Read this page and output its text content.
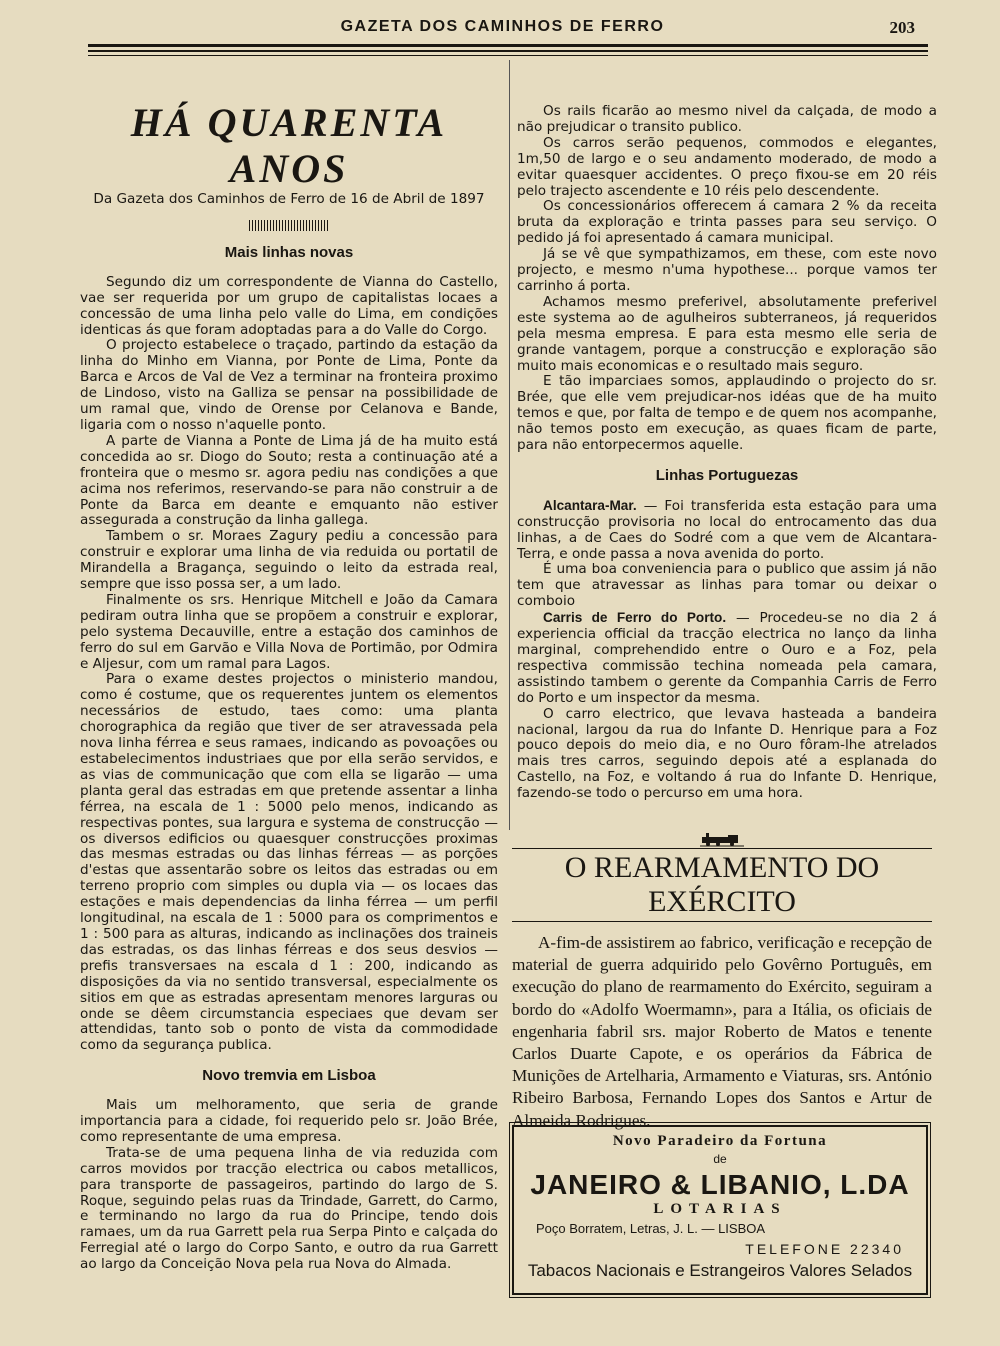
GAZETA DOS CAMINHOS DE FERRO	203
HÁ QUARENTA ANOS
Da Gazeta dos Caminhos de Ferro de 16 de Abril de 1897
Mais linhas novas

Segundo diz um correspondente de Vianna do Castello, vae ser requerida por um grupo de capitalistas locaes a concessão de uma linha pelo valle do Lima, em condições identicas ás que foram adoptadas para a do Valle do Corgo.

O projecto estabelece o traçado, partindo da estação da linha do Minho em Vianna, por Ponte de Lima, Ponte da Barca e Arcos de Val de Vez a terminar na fronteira proximo de Lindoso, visto na Galliza se pensar na possibilidade de um ramal que, vindo de Orense por Celanova e Bande, ligaria com o nosso n'aquelle ponto.

A parte de Vianna a Ponte de Lima já de ha muito está concedida ao sr. Diogo do Souto; resta a continuação até a fronteira que o mesmo sr. agora pediu nas condições a que acima nos referimos, reservando-se para não construir a de Ponte da Barca em deante e emquanto não estiver assegurada a construção da linha gallega.

Tambem o sr. Moraes Zagury pediu a concessão para construir e explorar uma linha de via reduida ou portatil de Mirandella a Bragança, seguindo o leito da estrada real, sempre que isso possa ser, a um lado.

Finalmente os srs. Henrique Mitchell e João da Camara pediram outra linha que se propõem a construir e explorar, pelo systema Decauville, entre a estação dos caminhos de ferro do sul em Garvão e Villa Nova de Portimão, por Odmira e Aljesur, com um ramal para Lagos.

Para o exame destes projectos o ministerio mandou, como é costume, que os requerentes juntem os elementos necessários de estudo, taes como: uma planta chorographica da região que tiver de ser atravessada pela nova linha férrea e seus ramaes, indicando as povoações ou estabelecimentos industriaes que por ella serão servidos, e as vias de communicação que com ella se ligarão — uma planta geral das estradas em que pretende assentar a linha férrea, na escala de 1 : 5000 pelo menos, indicando as respectivas pontes, sua largura e systema de construcção — os diversos edificios ou quaesquer construcções proximas das mesmas estradas ou das linhas férreas — as porções d'estas que assentarão sobre os leitos das estradas ou em terreno proprio com simples ou dupla via — os locaes das estações e mais dependencias da linha férrea — um perfil longitudinal, na escala de 1 : 5000 para os comprimentos e 1 : 500 para as alturas, indicando as inclinações dos traineis das estradas, os das linhas férreas e dos seus desvios — prefis transversaes na escala d 1 : 200, indicando as disposições da via no sentido transversal, especialmente os sitios em que as estradas apresentam menores larguras ou onde se dêem circumstancia especiaes que devam ser attendidas, tanto sob o ponto de vista da commodidade como da segurança publica.

Novo tremvia em Lisboa

Mais um melhoramento, que seria de grande importancia para a cidade, foi requerido pelo sr. João Brée, como representante de uma empresa.

Trata-se de uma pequena linha de via reduzida com carros movidos por tracção electrica ou cabos metallicos, para transporte de passageiros, partindo do largo de S. Roque, seguindo pelas ruas da Trindade, Garrett, do Carmo, e terminando no largo da rua do Principe, tendo dois ramaes, um da rua Garrett pela rua Serpa Pinto e calçada do Ferregial até o largo do Corpo Santo, e outro da rua Garrett ao largo da Conceição Nova pela rua Nova do Almada.

Os rails ficarão ao mesmo nivel da calçada, de modo a não prejudicar o transito publico.

Os carros serão pequenos, commodos e elegantes, 1m,50 de largo e o seu andamento moderado, de modo a evitar quaesquer accidentes. O preço fixou-se em 20 réis pelo trajecto ascendente e 10 réis pelo descendente.

Os concessionários offerecem á camara 2 % da receita bruta da exploração e trinta passes para seu serviço. O pedido já foi apresentado á camara municipal.

Já se vê que sympathizamos, em these, com este novo projecto, e mesmo n'uma hypothese... porque vamos ter carrinho á porta.

Achamos mesmo preferivel, absolutamente preferivel este systema ao de agulheiros subterraneos, já requeridos pela mesma empresa. E para esta mesmo elle seria de grande vantagem, porque a construcção e exploração são muito mais economicas e o resultado mais seguro.

E tão imparciaes somos, applaudindo o projecto do sr. Brée, que elle vem prejudicar-nos idéas que de ha muito temos e que, por falta de tempo e de quem nos acompanhe, não temos posto em execução, as quaes ficam de parte, para não entorpecermos aquelle.

Linhas Portuguezas

Alcantara-Mar. — Foi transferida esta estação para uma construcção provisoria no local do entrocamento das dua linhas, a de Caes do Sodré com a que vem de Alcantara-Terra, e onde passa a nova avenida do porto.

É uma boa conveniencia para o publico que assim já não tem que atravessar as linhas para tomar ou deixar o comboio

Carris de Ferro do Porto. — Procedeu-se no dia 2 á experiencia official da tracção electrica no lanço da linha marginal, comprehendido entre o Ouro e a Foz, pela respectiva commissão techina nomeada pela camara, assistindo tambem o gerente da Companhia Carris de Ferro do Porto e um inspector da mesma.

O carro electrico, que levava hasteada a bandeira nacional, largou da rua do Infante D. Henrique para a Foz pouco depois do meio dia, e no Ouro fôram-lhe atrelados mais tres carros, seguindo depois até a esplanada do Castello, na Foz, e voltando á rua do Infante D. Henrique, fazendo-se todo o percurso em uma hora.

O REARMAMENTO DO EXÉRCITO

A-fim-de assistirem ao fabrico, verificação e recepção de material de guerra adquirido pelo Govêrno Português, em execução do plano de rearmamento do Exército, seguiram a bordo do «Adolfo Woermamn», para a Itália, os oficiais de engenharia fabril srs. major Roberto de Matos e tenente Carlos Duarte Capote, e os operários da Fábrica de Munições de Artelharia, Armamento e Viaturas, srs. António Ribeiro Barbosa, Fernando Lopes dos Santos e Artur de Almeida Rodrigues.

Novo Paradeiro da Fortuna
de
JANEIRO & LIBANIO, L.DA
LOTARIAS
Poço Borratem, Letras, J. L. — LISBOA
TELEFONE 22340
Tabacos Nacionais e Estrangeiros Valores Selados
